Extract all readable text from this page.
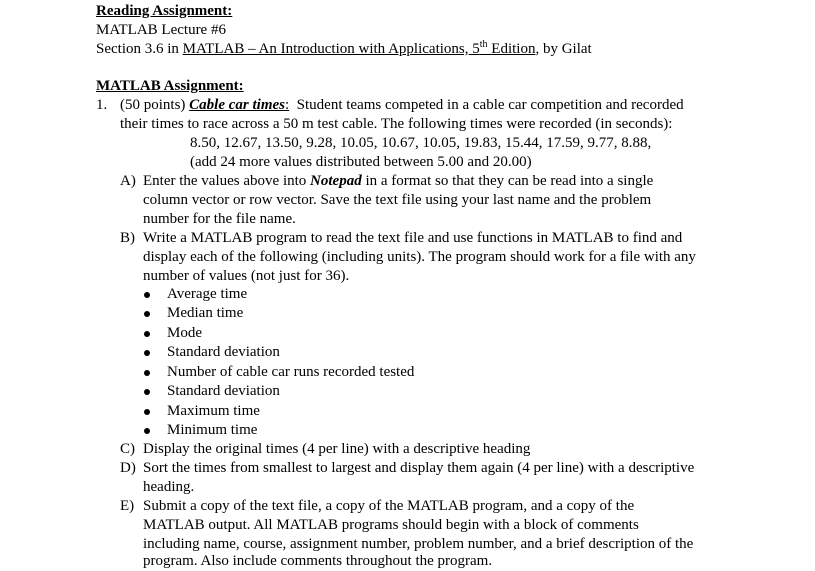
Reading Assignment:
MATLAB Lecture #6
Section 3.6 in MATLAB – An Introduction with Applications, 5th Edition, by Gilat
MATLAB Assignment:
1. (50 points) Cable car times:  Student teams competed in a cable car competition and recorded
their times to race across a 50 m test cable. The following times were recorded (in seconds):
8.50, 12.67, 13.50, 9.28, 10.05, 10.67, 10.05, 19.83, 15.44, 17.59, 9.77, 8.88,
(add 24 more values distributed between 5.00 and 20.00)
A) Enter the values above into Notepad in a format so that they can be read into a single
column vector or row vector. Save the text file using your last name and the problem
number for the file name.
B) Write a MATLAB program to read the text file and use functions in MATLAB to find and
display each of the following (including units). The program should work for a file with any
number of values (not just for 36).
Average time
Median time
Mode
Standard deviation
Number of cable car runs recorded tested
Standard deviation
Maximum time
Minimum time
C) Display the original times (4 per line) with a descriptive heading
D) Sort the times from smallest to largest and display them again (4 per line) with a descriptive
heading.
E) Submit a copy of the text file, a copy of the MATLAB program, and a copy of the
MATLAB output. All MATLAB programs should begin with a block of comments
including name, course, assignment number, problem number, and a brief description of the
program. Also include comments throughout the program.
